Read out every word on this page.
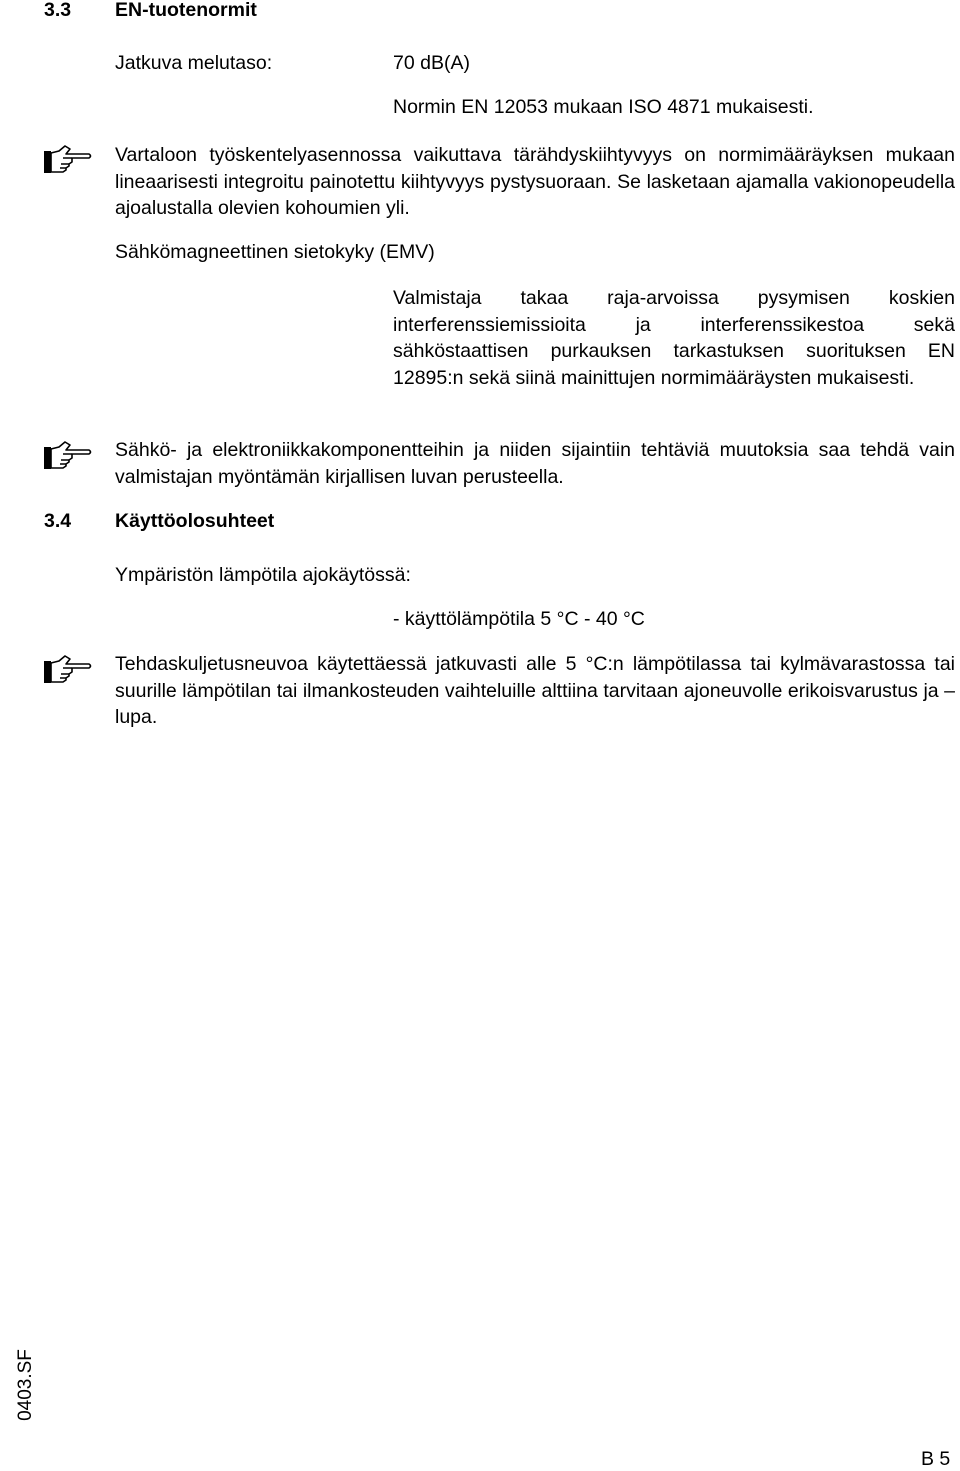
3.3 EN-tuotenormit
Jatkuva melutaso:	70 dB(A)
Normin EN 12053 mukaan ISO 4871 mukaisesti.
Vartaloon työskentelyasennossa vaikuttava tärähdyskiihtyvyys on normimääräyksen mukaan lineaarisesti integroitu painotettu kiihtyvyys pystysuoraan. Se lasketaan ajamalla vakionopeudella ajoalustalla olevien kohoumien yli.
Sähkömagneettinen sietokyky (EMV)
Valmistaja takaa raja-arvoissa pysymisen koskien interferenssiemissioita ja interferenssikestoa sekä sähköstaattisen purkauksen tarkastuksen suorituksen EN 12895:n sekä siinä mainittujen normimääräysten mukaisesti.
Sähkö- ja elektroniikkakomponentteihin ja niiden sijaintiin tehtäviä muutoksia saa tehdä vain valmistajan myöntämän kirjallisen luvan perusteella.
3.4 Käyttöolosuhteet
Ympäristön lämpötila ajokäytössä:
- käyttölämpötila 5 °C - 40 °C
Tehdaskuljetusneuvoa käytettäessä jatkuvasti alle 5 °C:n lämpötilassa tai kylmävarastossa tai suurille lämpötilan tai ilmankosteuden vaihteluille alttiina tarvitaan ajoneuvolle erikoisvarustus ja –lupa.
0403.SF
B 5
